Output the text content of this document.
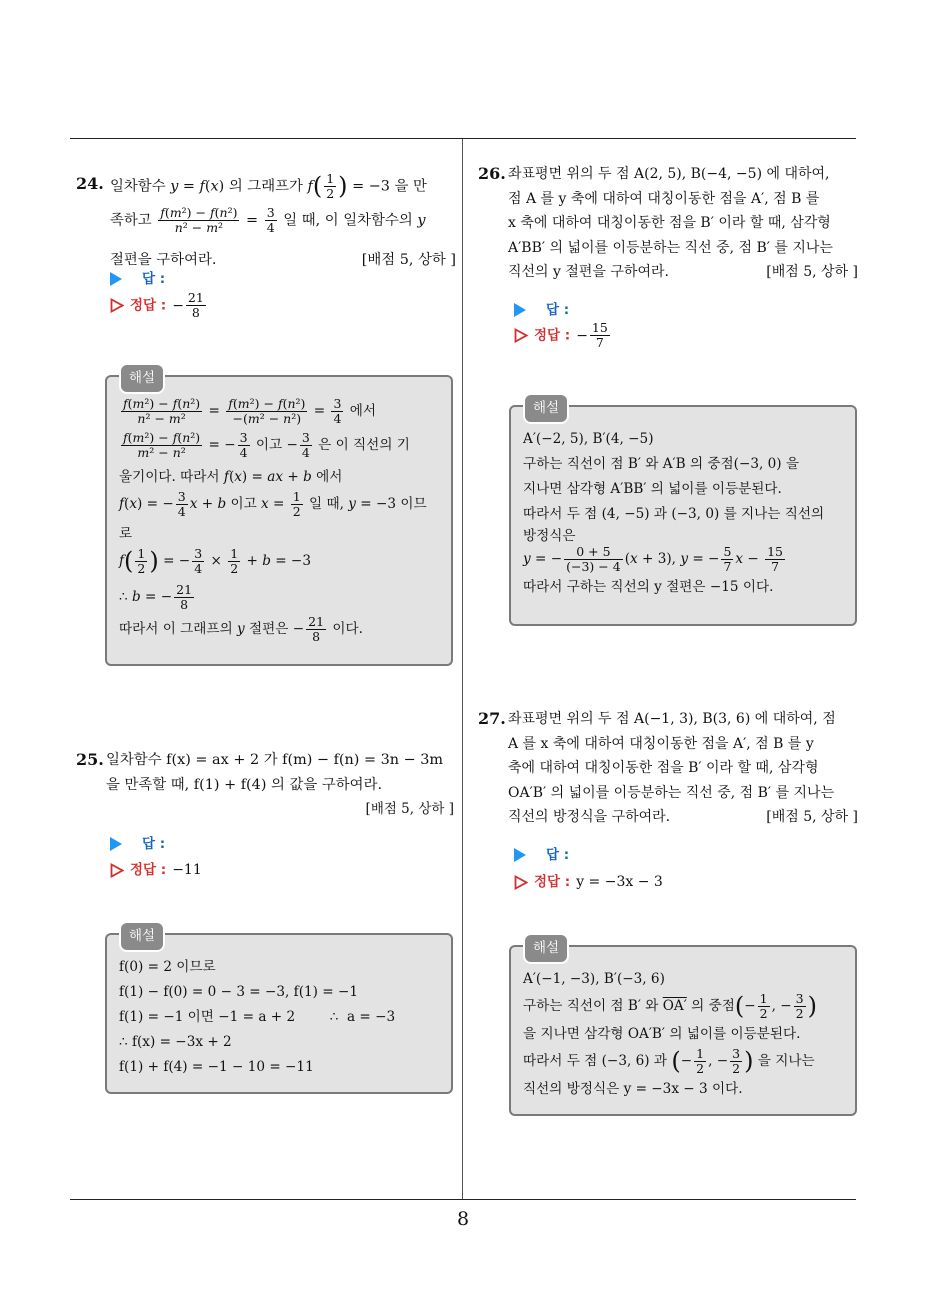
8
24. 일차함수 y = f(x) 의 그래프가 $f( \frac{1}{2}$ ) = −3 을 만
족하고 $\frac{\text{f(m²) − f(n²)}}{\text{n² − m²}} = \frac{3}{4}$ 일 때, 이 일차함수의 y
절편을 구하여라.	[배점 5, 상하 ]
답 :
정답 : − $\frac{21}{8}$
해설
$\frac{\text{f(m²) − f(n²)}}{\text{n² − m²}} = \frac{\text{f(m²) − f(n²)}}{\text{−(m² − n²)}} = \frac{3}{4}$ 에서
$\frac{\text{f(m²) − f(n²)}}{\text{m² − n²}}$ = − $\frac{3}{4}$ 이고 − $\frac{3}{4}$ 은 이 직선의 기
울기이다. 따라서 f(x) = ax + b 에서
f(x) = − $\frac{3}{4}$ x + b 이고 $x = \frac{1}{2}$ 일 때, y = −3 이므
로
$f( \frac{1}{2}$ ) = − $\frac{3}{4} \times \frac{1}{2} + b = -3$
∴ b = − $\frac{21}{8}$
따라서 이 그래프의 y 절편은 − $\frac{21}{8}$ 이다.
25. 일차함수 f(x) = ax + 2 가 f(m) − f(n) = 3n − 3m
을 만족할 때, f(1) + f(4) 의 값을 구하여라.
[배점 5, 상하 ]
답 :
정답 : −11
해설
f(0) = 2 이므로
f(1) − f(0) = 0 − 3 = −3, f(1) = −1
f(1) = −1 이면 −1 = a + 2        ∴  a = −3
∴ f(x) = −3x + 2
f(1) + f(4) = −1 − 10 = −11
26. 좌표평면 위의 두 점 A(2, 5), B(−4, −5) 에 대하여,
점 A 를 y 축에 대하여 대칭이동한 점을 A′, 점 B 를
x 축에 대하여 대칭이동한 점을 B′ 이라 할 때, 삼각형
A′BB′ 의 넓이를 이등분하는 직선 중, 점 B′ 를 지나는
직선의 y 절편을 구하여라.	[배점 5, 상하 ]
답 :
정답 : − $\frac{15}{7}$
해설
A′(−2, 5), B′(4, −5)
구하는 직선이 점 B′ 와 A′B 의 중점(−3, 0) 을
지나면 삼각형 A′BB′ 의 넓이를 이등분된다.
따라서 두 점 (4, −5) 과 (−3, 0) 를 지나는 직선의
방정식은
y = − $\frac{0 + 5}{(-3) - 4} (x + 3)$, y = − $\frac{5}{7}$ $x - \frac{15}{7}$
따라서 구하는 직선의 y 절편은 −15 이다.
27. 좌표평면 위의 두 점 A(−1, 3), B(3, 6) 에 대하여, 점
A 를 x 축에 대하여 대칭이동한 점을 A′, 점 B 를 y
축에 대하여 대칭이동한 점을 B′ 이라 할 때, 삼각형
OA′B′ 의 넓이를 이등분하는 직선 중, 점 B′ 를 지나는
직선의 방정식을 구하여라.	[배점 5, 상하 ]
답 :
정답 : y = −3x − 3
해설
A′(−1, −3), B′(−3, 6)
구하는 직선이 점 B′ 와 OA′ 의 중점(− $\frac{1}{2}$ , − $\frac{3}{2}$ )
을 지나면 삼각형 OA′B′ 의 넓이를 이등분된다.
따라서 두 점 (−3, 6) 과 (− $\frac{1}{2}$ , − $\frac{3}{2}$ ) 을 지나는
직선의 방정식은 y = −3x − 3 이다.
